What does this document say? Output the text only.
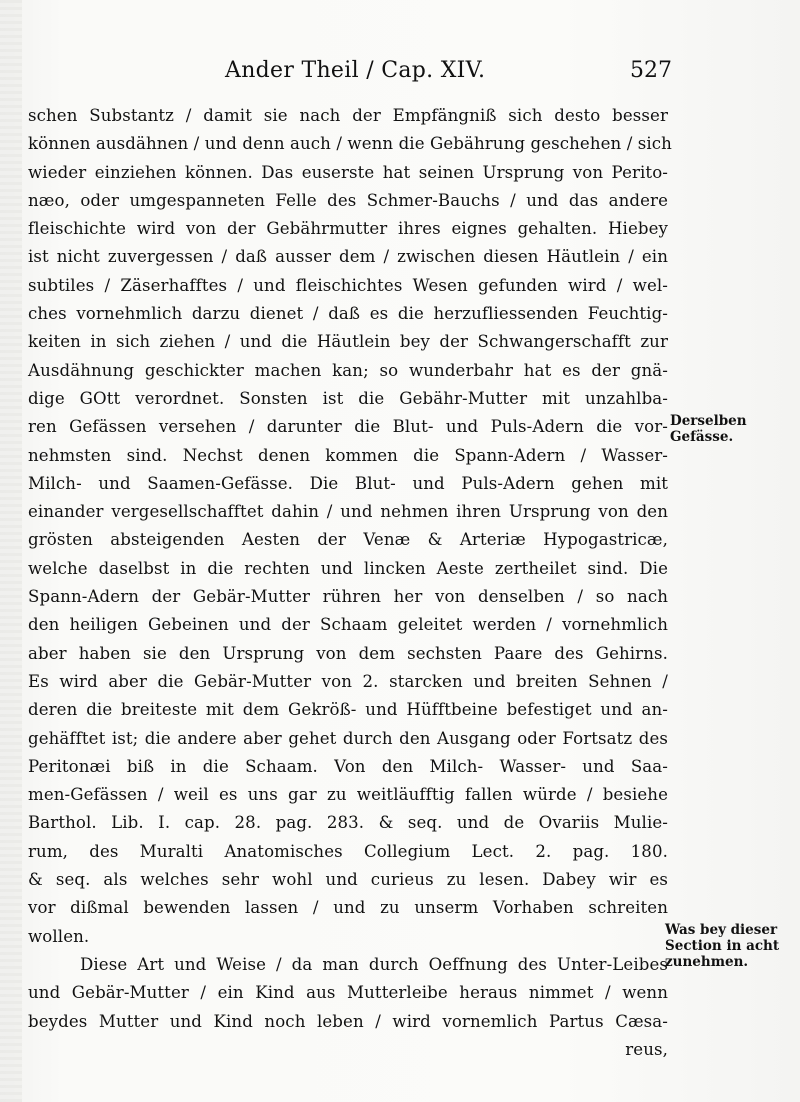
Ander Theil / Cap. XIV.	527
schen Substantz / damit sie nach der Empfängniß sich desto besser
können ausdähnen / und denn auch / wenn die Gebährung geschehen / sich
wieder einziehen können. Das euserste hat seinen Ursprung von Perito-
næo, oder umgespanneten Felle des Schmer-Bauchs / und das andere
fleischichte wird von der Gebährmutter ihres eignes gehalten. Hiebey
ist nicht zuvergessen / daß ausser dem / zwischen diesen Häutlein / ein
subtiles / Zäserhafftes / und fleischichtes Wesen gefunden wird / wel-
ches vornehmlich darzu dienet / daß es die herzufliessenden Feuchtig-
keiten in sich ziehen / und die Häutlein bey der Schwangerschafft zur
Ausdähnung geschickter machen kan; so wunderbahr hat es der gnä-
dige GOtt verordnet. Sonsten ist die Gebähr-Mutter mit unzahlba-
ren Gefässen versehen / darunter die Blut- und Puls-Adern die vor-
nehmsten sind. Nechst denen kommen die Spann-Adern / Wasser-
Milch- und Saamen-Gefässe. Die Blut- und Puls-Adern gehen mit
einander vergesellschafftet dahin / und nehmen ihren Ursprung von den
grösten absteigenden Aesten der Venæ & Arteriæ Hypogastricæ,
welche daselbst in die rechten und lincken Aeste zertheilet sind. Die
Spann-Adern der Gebär-Mutter rühren her von denselben / so nach
den heiligen Gebeinen und der Schaam geleitet werden / vornehmlich
aber haben sie den Ursprung von dem sechsten Paare des Gehirns.
Es wird aber die Gebär-Mutter von 2. starcken und breiten Sehnen /
deren die breiteste mit dem Gekröß- und Hüfftbeine befestiget und an-
gehäfftet ist; die andere aber gehet durch den Ausgang oder Fortsatz des
Peritonæi biß in die Schaam. Von den Milch- Wasser- und Saa-
men-Gefässen / weil es uns gar zu weitläufftig fallen würde / besiehe
Barthol. Lib. I. cap. 28. pag. 283. & seq. und de Ovariis Mulie-
rum, des Muralti Anatomisches Collegium Lect. 2. pag. 180.
& seq. als welches sehr wohl und curieus zu lesen. Dabey wir es
vor dißmal bewenden lassen / und zu unserm Vorhaben schreiten
wollen.
Diese Art und Weise / da man durch Oeffnung des Unter-Leibes
und Gebär-Mutter / ein Kind aus Mutterleibe heraus nimmet / wenn
beydes Mutter und Kind noch leben / wird vornemlich Partus Cæsa-
reus,
Derselben Gefässe.
Was bey dieser Section in acht zunehmen.
